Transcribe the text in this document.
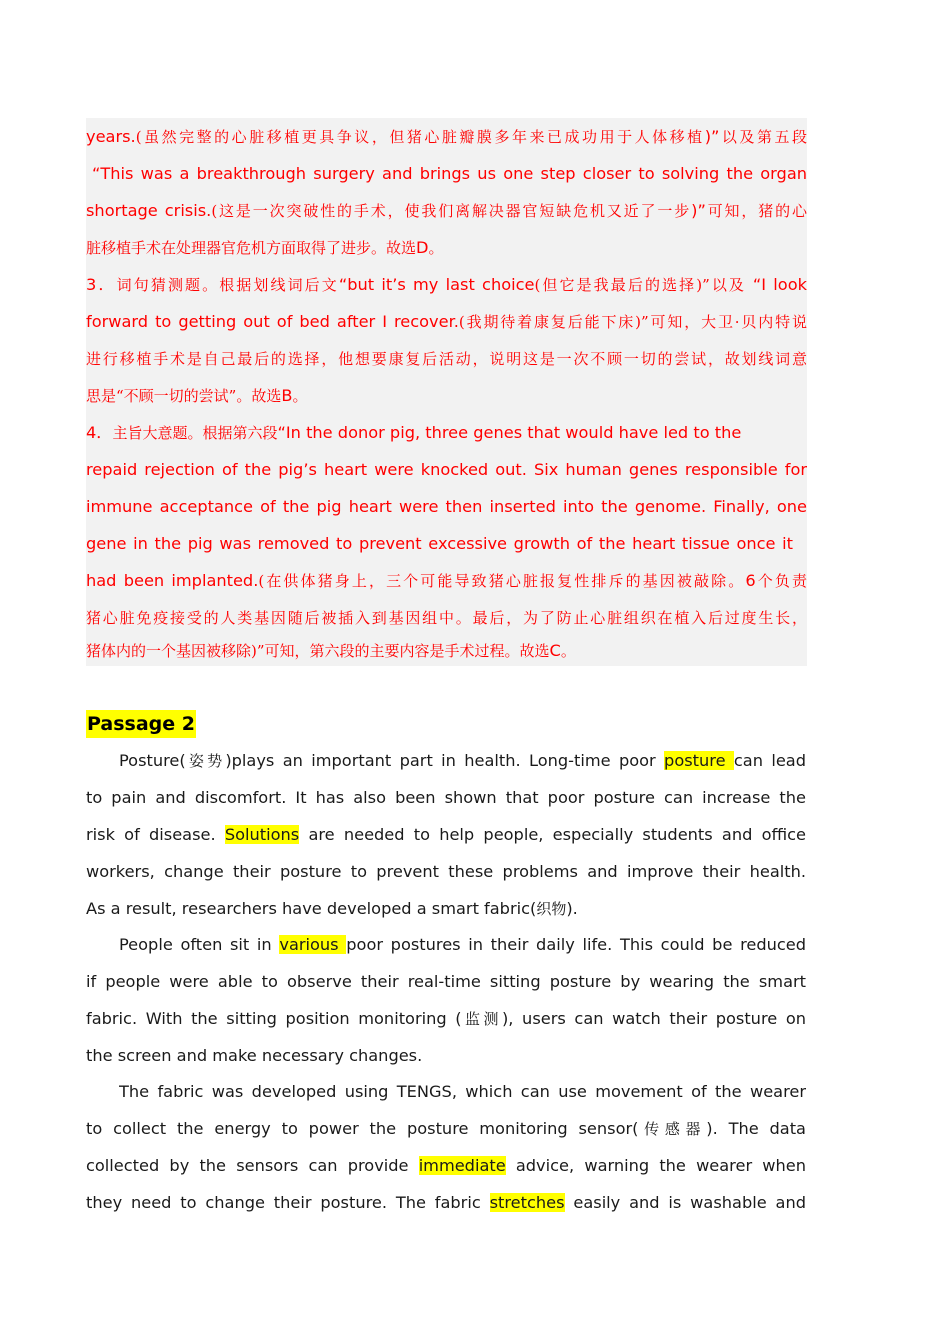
years.(虽然完整的心脏移植更具争议，但猪心脏瓣膜多年来已成功用于人体移植)”以及第五段
“This was a breakthrough surgery and brings us one step closer to solving the organ
shortage crisis.(这是一次突破性的手术，使我们离解决器官短缺危机又近了一步)”可知，猪的心
脏移植手术在处理器官危机方面取得了进步。故选D。
3．词句猜测题。根据划线词后文“but it’s my last choice(但它是我最后的选择)”以及 “I look
forward to getting out of bed after I recover.(我期待着康复后能下床)”可知，大卫·贝内特说
进行移植手术是自己最后的选择，他想要康复后活动，说明这是一次不顾一切的尝试，故划线词意
思是“不顾一切的尝试”。故选B。
4．主旨大意题。根据第六段“In the donor pig, three genes that would have led to the
repaid rejection of the pig’s heart were knocked out. Six human genes responsible for
immune acceptance of the pig heart were then inserted into the genome. Finally, one
gene in the pig was removed to prevent excessive growth of the heart tissue once it
had been implanted.(在供体猪身上，三个可能导致猪心脏报复性排斥的基因被敲除。6个负责
猪心脏免疫接受的人类基因随后被插入到基因组中。最后，为了防止心脏组织在植入后过度生长，
猪体内的一个基因被移除)”可知，第六段的主要内容是手术过程。故选C。
Passage 2
Posture(姿势)plays an important part in health. Long-time poor posture can lead
to pain and discomfort. It has also been shown that poor posture can increase the
risk of disease. Solutions are needed to help people, especially students and office
workers, change their posture to prevent these problems and improve their health.
As a result, researchers have developed a smart fabric(织物).
People often sit in various poor postures in their daily life. This could be reduced
if people were able to observe their real-time sitting posture by wearing the smart
fabric. With the sitting position monitoring (监测), users can watch their posture on
the screen and make necessary changes.
The fabric was developed using TENGS, which can use movement of the wearer
to collect the energy to power the posture monitoring sensor(传感器). The data
collected by the sensors can provide immediate advice, warning the wearer when
they need to change their posture. The fabric stretches easily and is washable and
